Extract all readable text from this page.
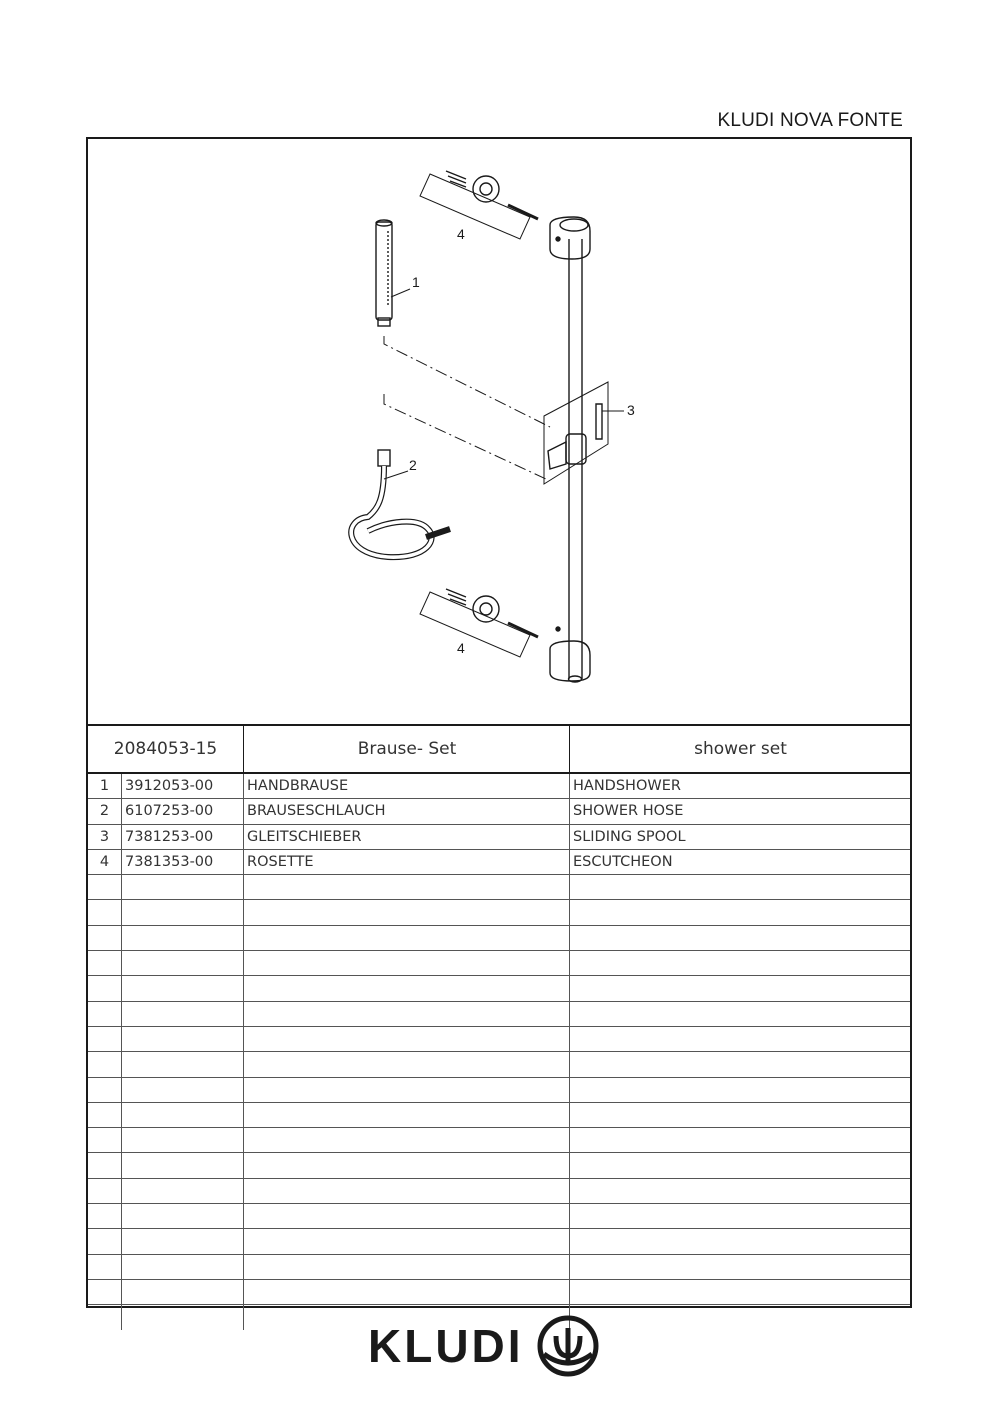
KLUDI NOVA FONTE
1
2
3
4
4
2084053-15	Brause- Set	shower set
1	3912053-00	HANDBRAUSE	HANDSHOWER
2	6107253-00	BRAUSESCHLAUCH	SHOWER HOSE
3	7381253-00	GLEITSCHIEBER	SLIDING SPOOL
4	7381353-00	ROSETTE	ESCUTCHEON
KLUDI
